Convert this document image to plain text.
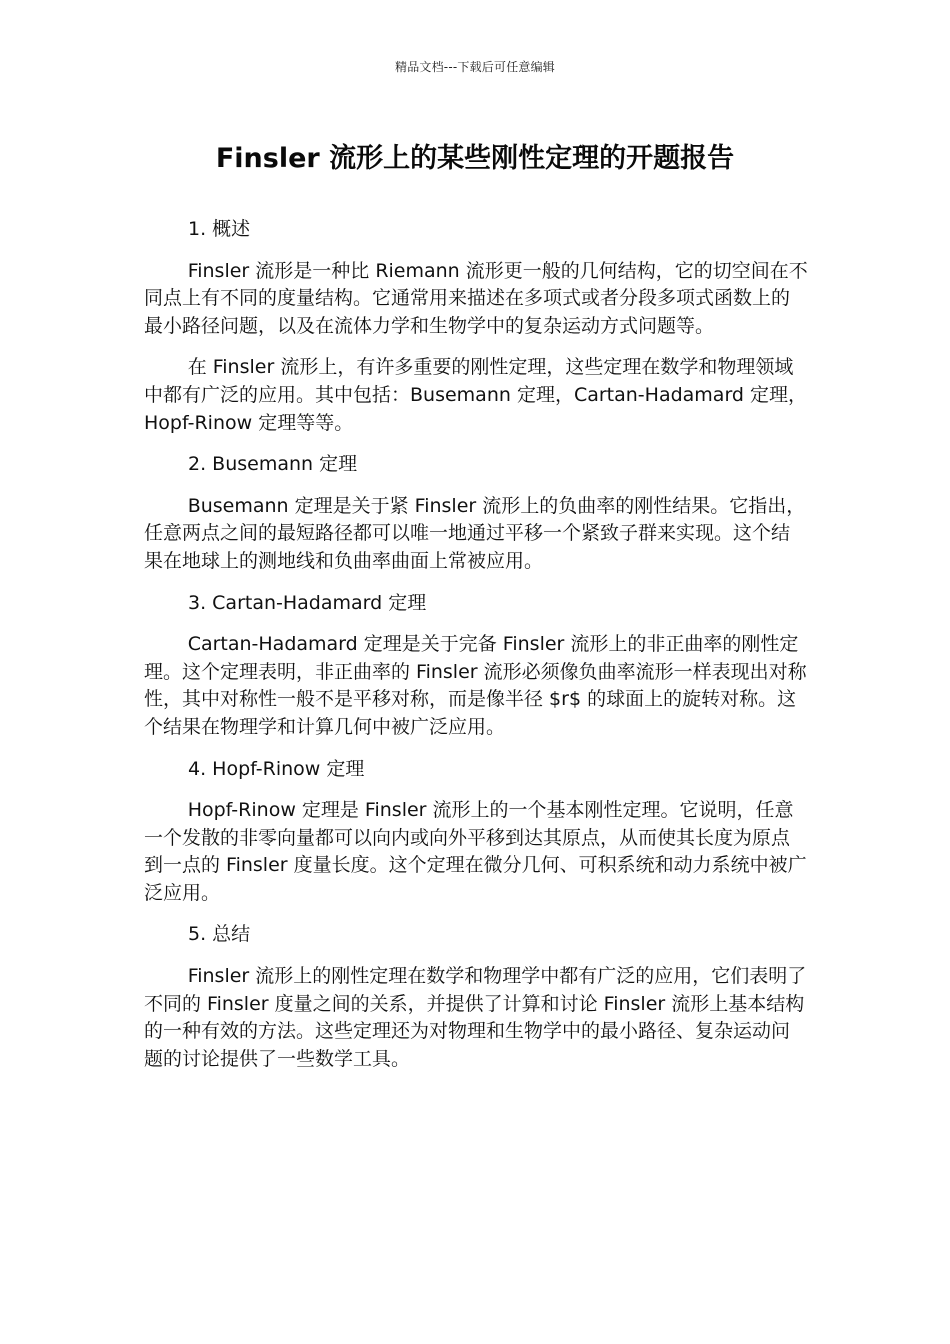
精品文档---下载后可任意编辑
Finsler 流形上的某些刚性定理的开题报告
1. 概述

Finsler 流形是一种比 Riemann 流形更一般的几何结构，它的切空间在不同点上有不同的度量结构。它通常用来描述在多项式或者分段多项式函数上的最小路径问题，以及在流体力学和生物学中的复杂运动方式问题等。

在 Finsler 流形上，有许多重要的刚性定理，这些定理在数学和物理领域中都有广泛的应用。其中包括：Busemann 定理，Cartan-Hadamard 定理，Hopf-Rinow 定理等等。

2. Busemann 定理

Busemann 定理是关于紧 Finsler 流形上的负曲率的刚性结果。它指出，任意两点之间的最短路径都可以唯一地通过平移一个紧致子群来实现。这个结果在地球上的测地线和负曲率曲面上常被应用。

3. Cartan-Hadamard 定理

Cartan-Hadamard 定理是关于完备 Finsler 流形上的非正曲率的刚性定理。这个定理表明，非正曲率的 Finsler 流形必须像负曲率流形一样表现出对称性，其中对称性一般不是平移对称，而是像半径 $r$ 的球面上的旋转对称。这个结果在物理学和计算几何中被广泛应用。

4. Hopf-Rinow 定理

Hopf-Rinow 定理是 Finsler 流形上的一个基本刚性定理。它说明，任意一个发散的非零向量都可以向内或向外平移到达其原点，从而使其长度为原点到一点的 Finsler 度量长度。这个定理在微分几何、可积系统和动力系统中被广泛应用。

5. 总结

Finsler 流形上的刚性定理在数学和物理学中都有广泛的应用，它们表明了不同的 Finsler 度量之间的关系，并提供了计算和讨论 Finsler 流形上基本结构的一种有效的方法。这些定理还为对物理和生物学中的最小路径、复杂运动问题的讨论提供了一些数学工具。
